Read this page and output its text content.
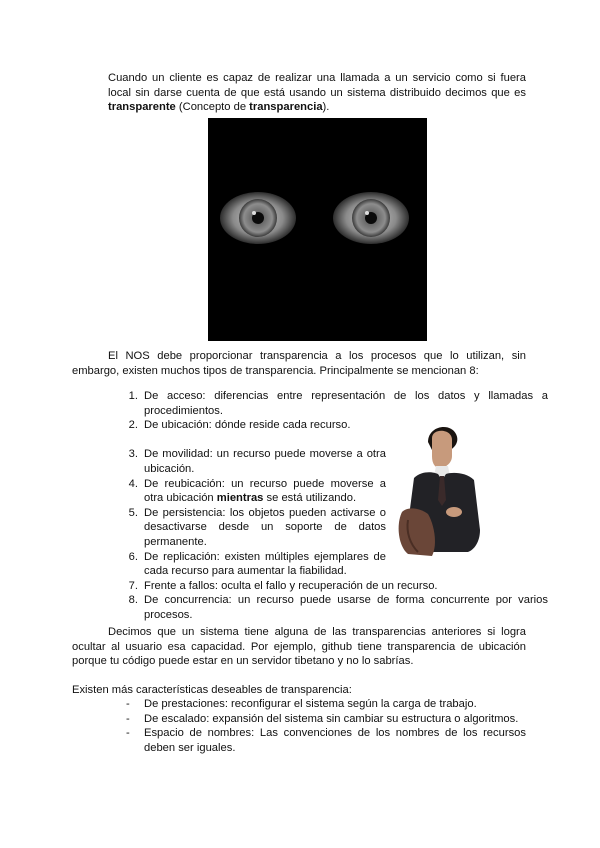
Cuando un cliente es capaz de realizar una llamada a un servicio como si fuera local sin darse cuenta de que está usando un sistema distribuido decimos que es transparente (Concepto de transparencia).

El NOS debe proporcionar transparencia a los procesos que lo utilizan, sin embargo, existen muchos tipos de transparencia. Principalmente se mencionan 8:

1. De acceso: diferencias entre representación de los datos y llamadas a procedimientos.
2. De ubicación: dónde reside cada recurso.
3. De movilidad: un recurso puede moverse a otra ubicación.
4. De reubicación: un recurso puede moverse a otra ubicación mientras se está utilizando.
5. De persistencia: los objetos pueden activarse o desactivarse desde un soporte de datos permanente.
6. De replicación: existen múltiples ejemplares de cada recurso para aumentar la fiabilidad.
7. Frente a fallos: oculta el fallo y recuperación de un recurso.
8. De concurrencia: un recurso puede usarse de forma concurrente por varios procesos.

Decimos que un sistema tiene alguna de las transparencias anteriores si logra ocultar al usuario esa capacidad. Por ejemplo, github tiene transparencia de ubicación porque tu código puede estar en un servidor tibetano y no lo sabrías.

Existen más características deseables de transparencia:

- De prestaciones: reconfigurar el sistema según la carga de trabajo.
- De escalado: expansión del sistema sin cambiar su estructura o algoritmos.
- Espacio de nombres: Las convenciones de los nombres de los recursos deben ser iguales.
